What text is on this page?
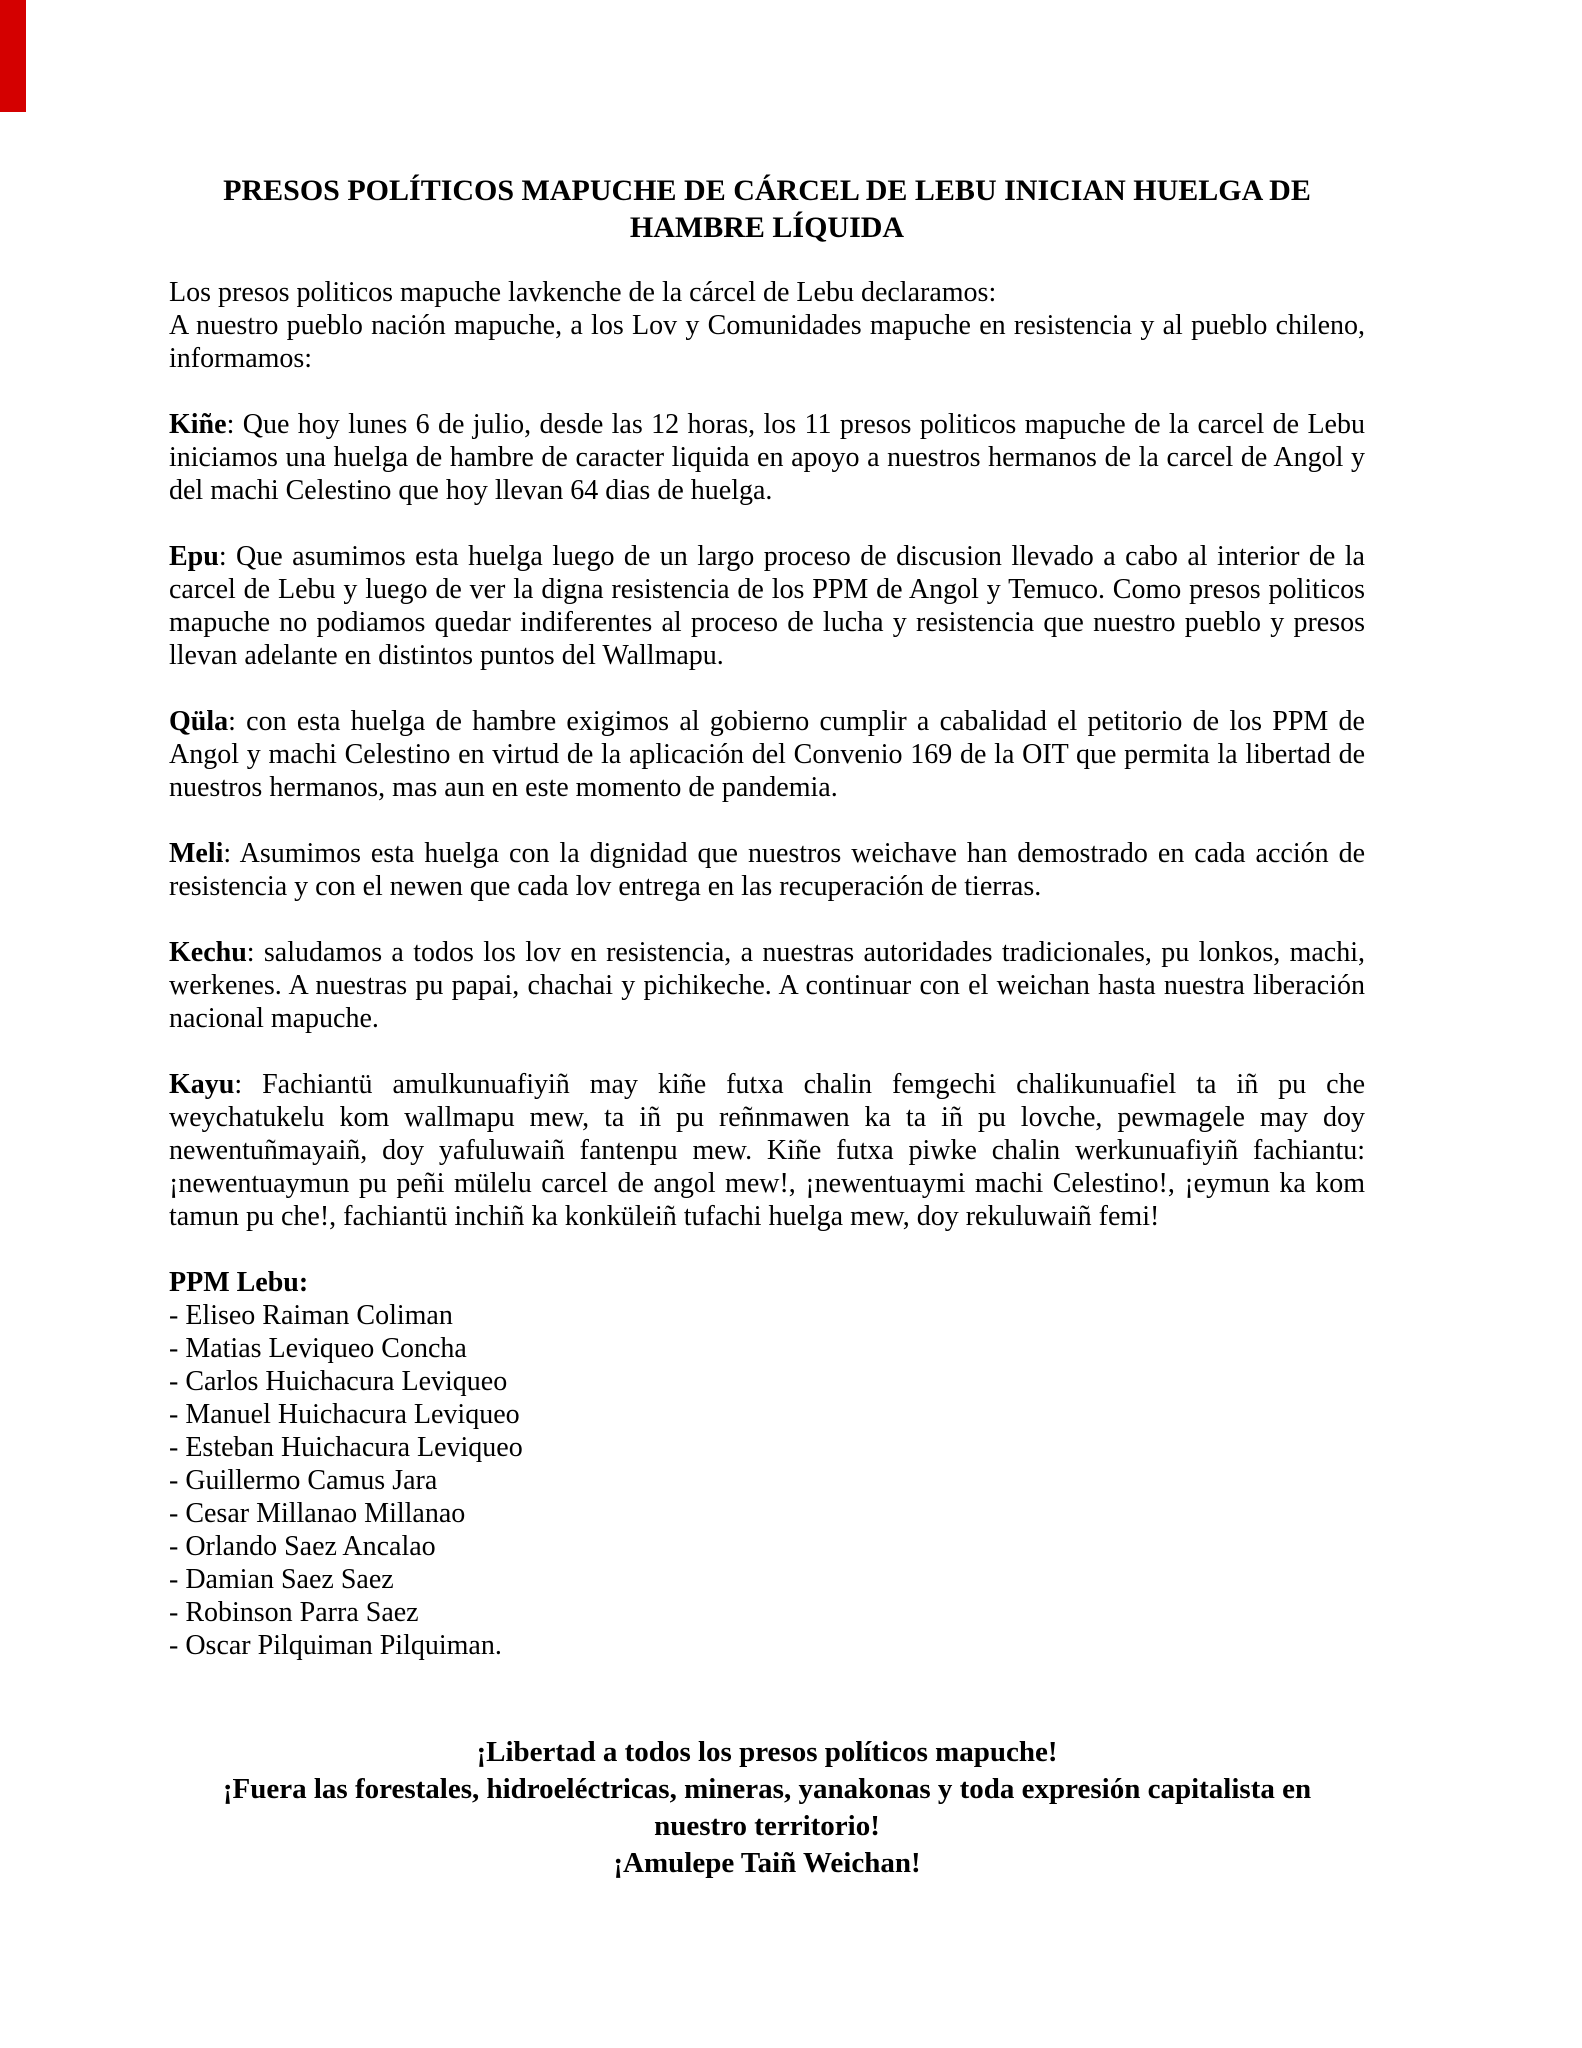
PRESOS POLÍTICOS MAPUCHE DE CÁRCEL DE LEBU INICIAN HUELGA DE
HAMBRE LÍQUIDA
Los presos politicos mapuche lavkenche de la cárcel de Lebu declaramos:
A nuestro pueblo nación mapuche, a los Lov y Comunidades mapuche en resistencia y al pueblo chileno, informamos:

Kiñe: Que hoy lunes 6 de julio, desde las 12 horas, los 11 presos politicos mapuche de la carcel de Lebu iniciamos una huelga de hambre de caracter liquida en apoyo a nuestros hermanos de la carcel de Angol y del machi Celestino que hoy llevan 64 dias de huelga.

Epu: Que asumimos esta huelga luego de un largo proceso de discusion llevado a cabo al interior de la carcel de Lebu y luego de ver la digna resistencia de los PPM de Angol y Temuco. Como presos politicos mapuche no podiamos quedar indiferentes al proceso de lucha y resistencia que nuestro pueblo y presos llevan adelante en distintos puntos del Wallmapu.

Qüla: con esta huelga de hambre exigimos al gobierno cumplir a cabalidad el petitorio de los PPM de Angol y machi Celestino en virtud de la aplicación del Convenio 169 de la OIT que permita la libertad de nuestros hermanos, mas aun en este momento de pandemia.

Meli: Asumimos esta huelga con la dignidad que nuestros weichave han demostrado en cada acción de resistencia y con el newen que cada lov entrega en las recuperación de tierras.

Kechu: saludamos a todos los lov en resistencia, a nuestras autoridades tradicionales, pu lonkos, machi, werkenes. A nuestras pu papai, chachai y pichikeche. A continuar con el weichan hasta nuestra liberación nacional mapuche.

Kayu: Fachiantü amulkunuafiyiñ may kiñe futxa chalin femgechi chalikunuafiel ta iñ pu che weychatukelu kom wallmapu mew, ta iñ pu reñnmawen ka ta iñ pu lovche, pewmagele may doy newentuñmayaiñ, doy yafuluwaiñ fantenpu mew. Kiñe futxa piwke chalin werkunuafiyiñ fachiantu: ¡newentuaymun pu peñi mülelu carcel de angol mew!, ¡newentuaymi machi Celestino!, ¡eymun ka kom tamun pu che!, fachiantü inchiñ ka konküleiñ tufachi huelga mew, doy rekuluwaiñ femi!

PPM Lebu:
- Eliseo Raiman Coliman
- Matias Leviqueo Concha
- Carlos Huichacura Leviqueo
- Manuel Huichacura Leviqueo
- Esteban Huichacura Leviqueo
- Guillermo Camus Jara
- Cesar Millanao Millanao
- Orlando Saez Ancalao
- Damian Saez Saez
- Robinson Parra Saez
- Oscar Pilquiman Pilquiman.
¡Libertad a todos los presos políticos mapuche!
¡Fuera las forestales, hidroeléctricas, mineras, yanakonas y toda expresión capitalista en
nuestro territorio!
¡Amulepe Taiñ Weichan!
